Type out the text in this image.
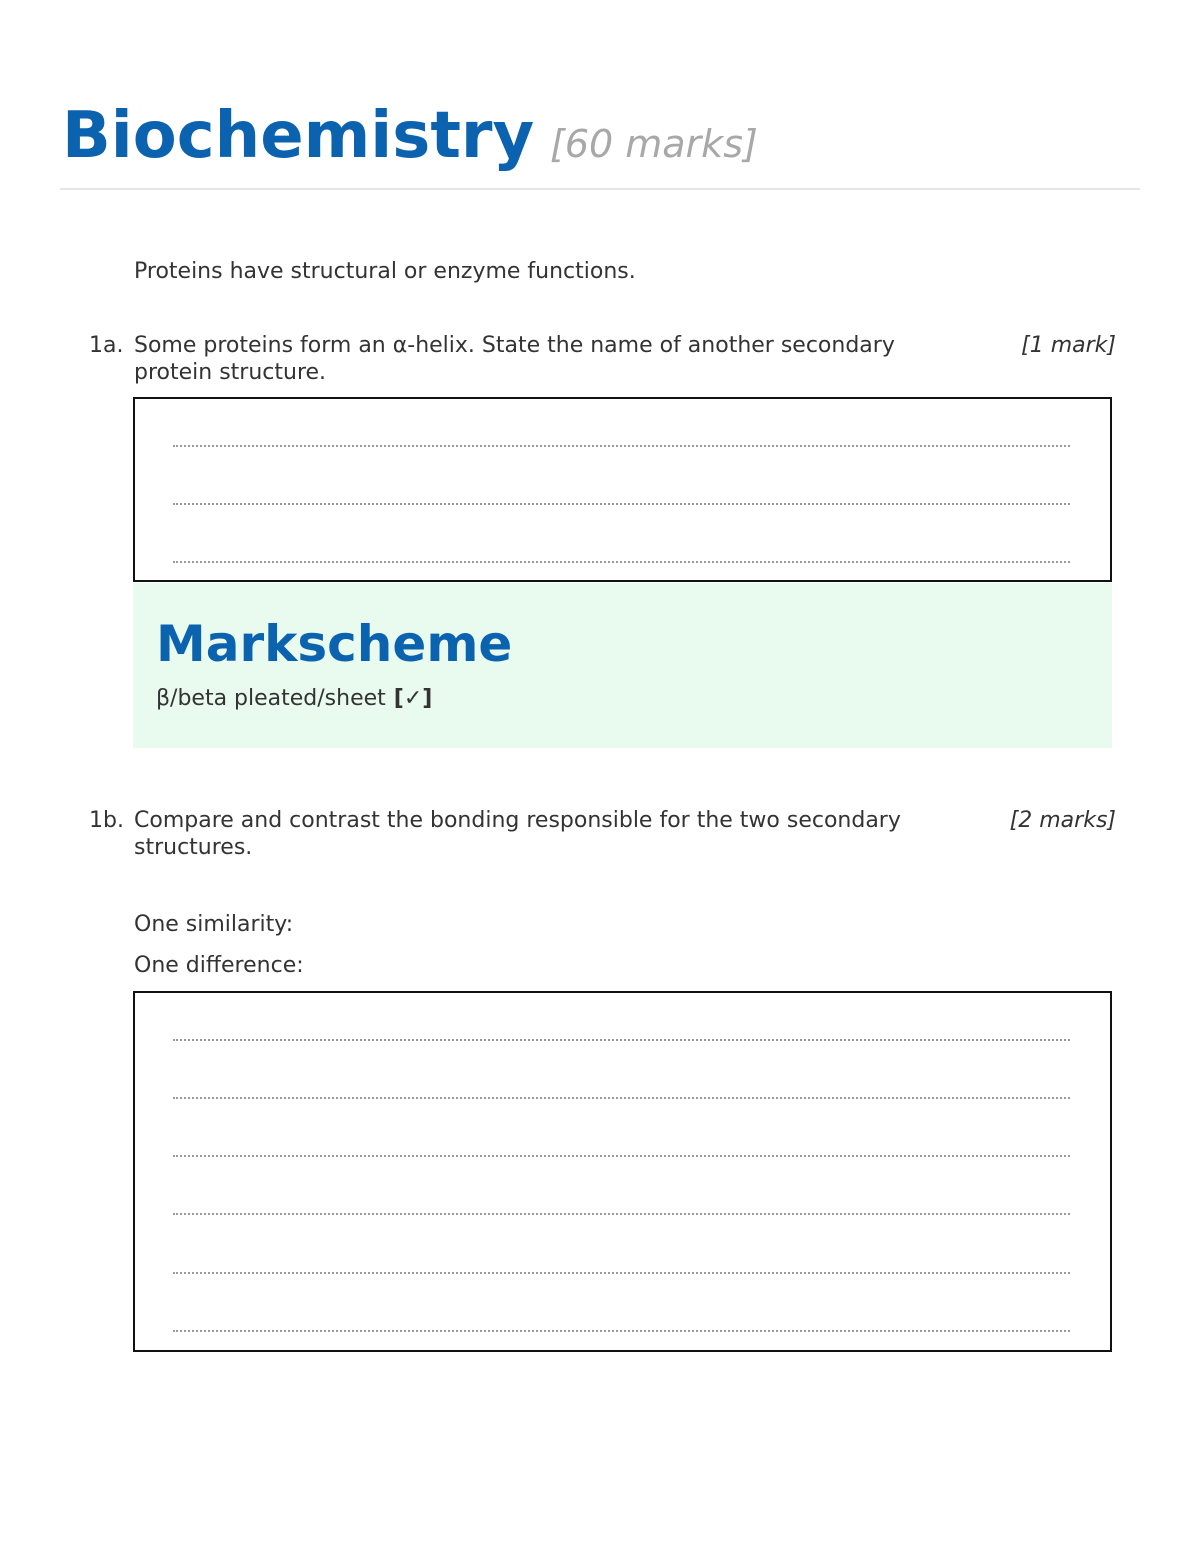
Biochemistry [60 marks]
Proteins have structural or enzyme functions.
1a. Some proteins form an α-helix. State the name of another secondary protein structure.
[1 mark]
Markscheme
β/beta pleated/sheet [✓]
1b. Compare and contrast the bonding responsible for the two secondary structures.
[2 marks]
One similarity:
One difference:
